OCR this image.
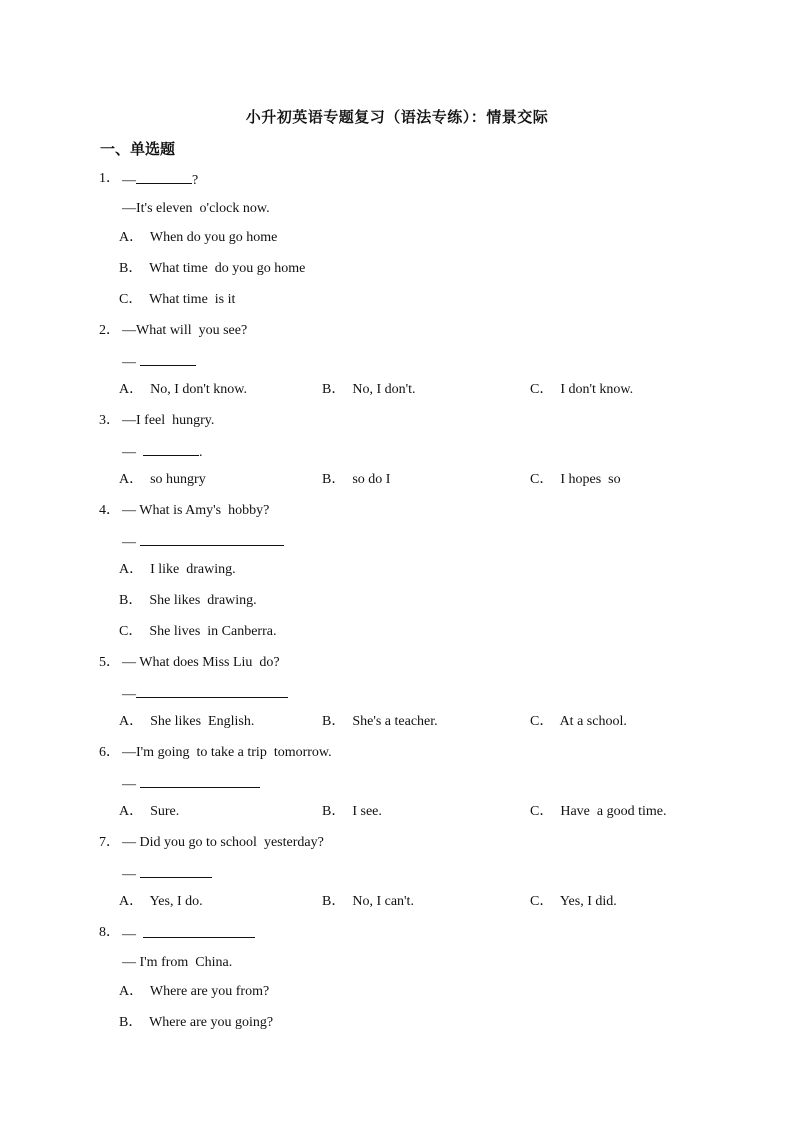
小升初英语专题复习（语法专练）：情景交际
一、单选题
1． —	?
—It's eleven  o'clock now.
A．  When do you go home
B．  What time  do you go home
C．  What time  is it
2． —What will  you see?
—
A．  No, I don't know.	B．  No, I don't.	C．  I don't know.
3． —I feel  hungry.
—	.
A．  so hungry	B．  so do I	C．  I hopes  so
4． — What is Amy's  hobby?
—
A．  I like  drawing.
B．  She likes  drawing.
C．  She lives  in Canberra.
5． — What does Miss Liu  do?
—
A．  She likes  English.	B．  She's a teacher.	C．  At a school.
6． —I'm going  to take a trip  tomorrow.
—
A．  Sure.	B．  I see.	C．  Have  a good time.
7． — Did you go to school  yesterday?
—
A．  Yes, I do.	B．  No, I can't.	C．  Yes, I did.
8． —
— I'm from  China.
A．  Where are you from?
B．  Where are you going?
